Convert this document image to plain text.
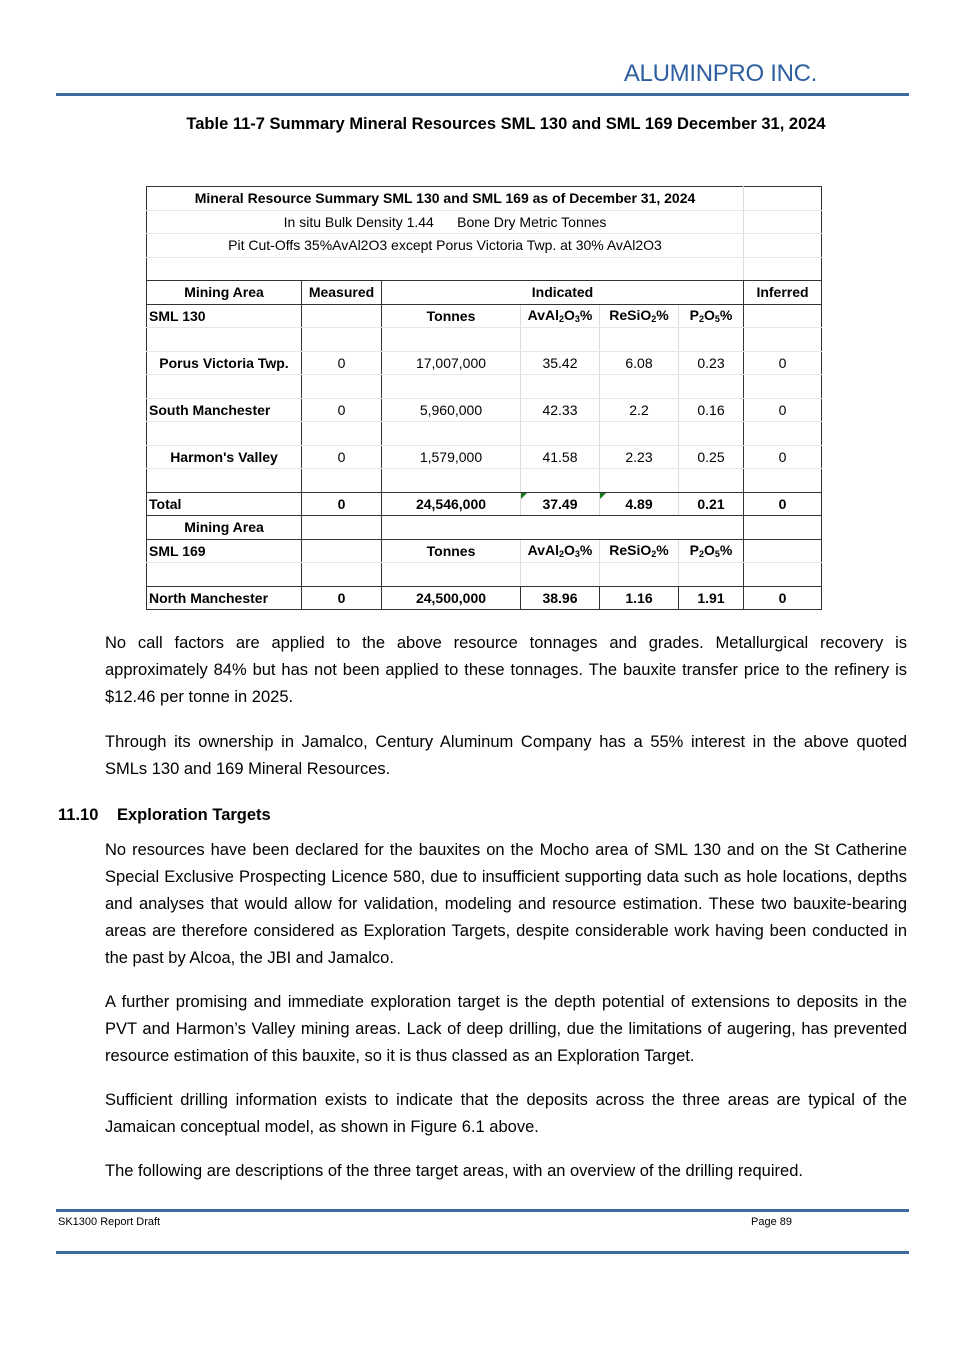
ALUMINPRO INC.
Table 11-7 Summary Mineral Resources SML 130 and SML 169 December 31, 2024
Mineral Resource Summary SML 130 and SML 169 as of December 31, 2024						
In situ Bulk Density 1.44      Bone Dry Metric Tonnes						
Pit Cut-Offs 35%AvAl2O3 except Porus Victoria Twp. at 30% AvAl2O3						

Mining Area	Measured	Indicated				Inferred
SML 130		Tonnes	$AvAl_2O_3\%$	ReSiO$_2$%	$P_2O_5\%$	

Porus Victoria Twp.	0	17,007,000	35.42	6.08	0.23	0

South Manchester	0	5,960,000	42.33	2.2	0.16	0

Harmon's Valley	0	1,579,000	41.58	2.23	0.25	0

Total	0	24,546,000	37.49	4.89	0.21	0
Mining Area						
SML 169		Tonnes	$AvAl_2O_3\%$	ReSiO$_2$%	$P_2O_5\%$	

North Manchester	0	24,500,000	38.96	1.16	1.91	0
No call factors are applied to the above resource tonnages and grades. Metallurgical recovery is approximately 84% but has not been applied to these tonnages. The bauxite transfer price to the refinery is $12.46 per tonne in 2025.
Through its ownership in Jamalco, Century Aluminum Company has a 55% interest in the above quoted SMLs 130 and 169 Mineral Resources.
11.10 Exploration Targets
No resources have been declared for the bauxites on the Mocho area of SML 130 and on the St Catherine Special Exclusive Prospecting Licence 580, due to insufficient supporting data such as hole locations, depths and analyses that would allow for validation, modeling and resource estimation. These two bauxite-bearing areas are therefore considered as Exploration Targets, despite considerable work having been conducted in the past by Alcoa, the JBI and Jamalco.
A further promising and immediate exploration target is the depth potential of extensions to deposits in the PVT and Harmon’s Valley mining areas. Lack of deep drilling, due the limitations of augering, has prevented resource estimation of this bauxite, so it is thus classed as an Exploration Target.
Sufficient drilling information exists to indicate that the deposits across the three areas are typical of the Jamaican conceptual model, as shown in Figure 6.1 above.
The following are descriptions of the three target areas, with an overview of the drilling required.
SK1300 Report Draft	Page 89
